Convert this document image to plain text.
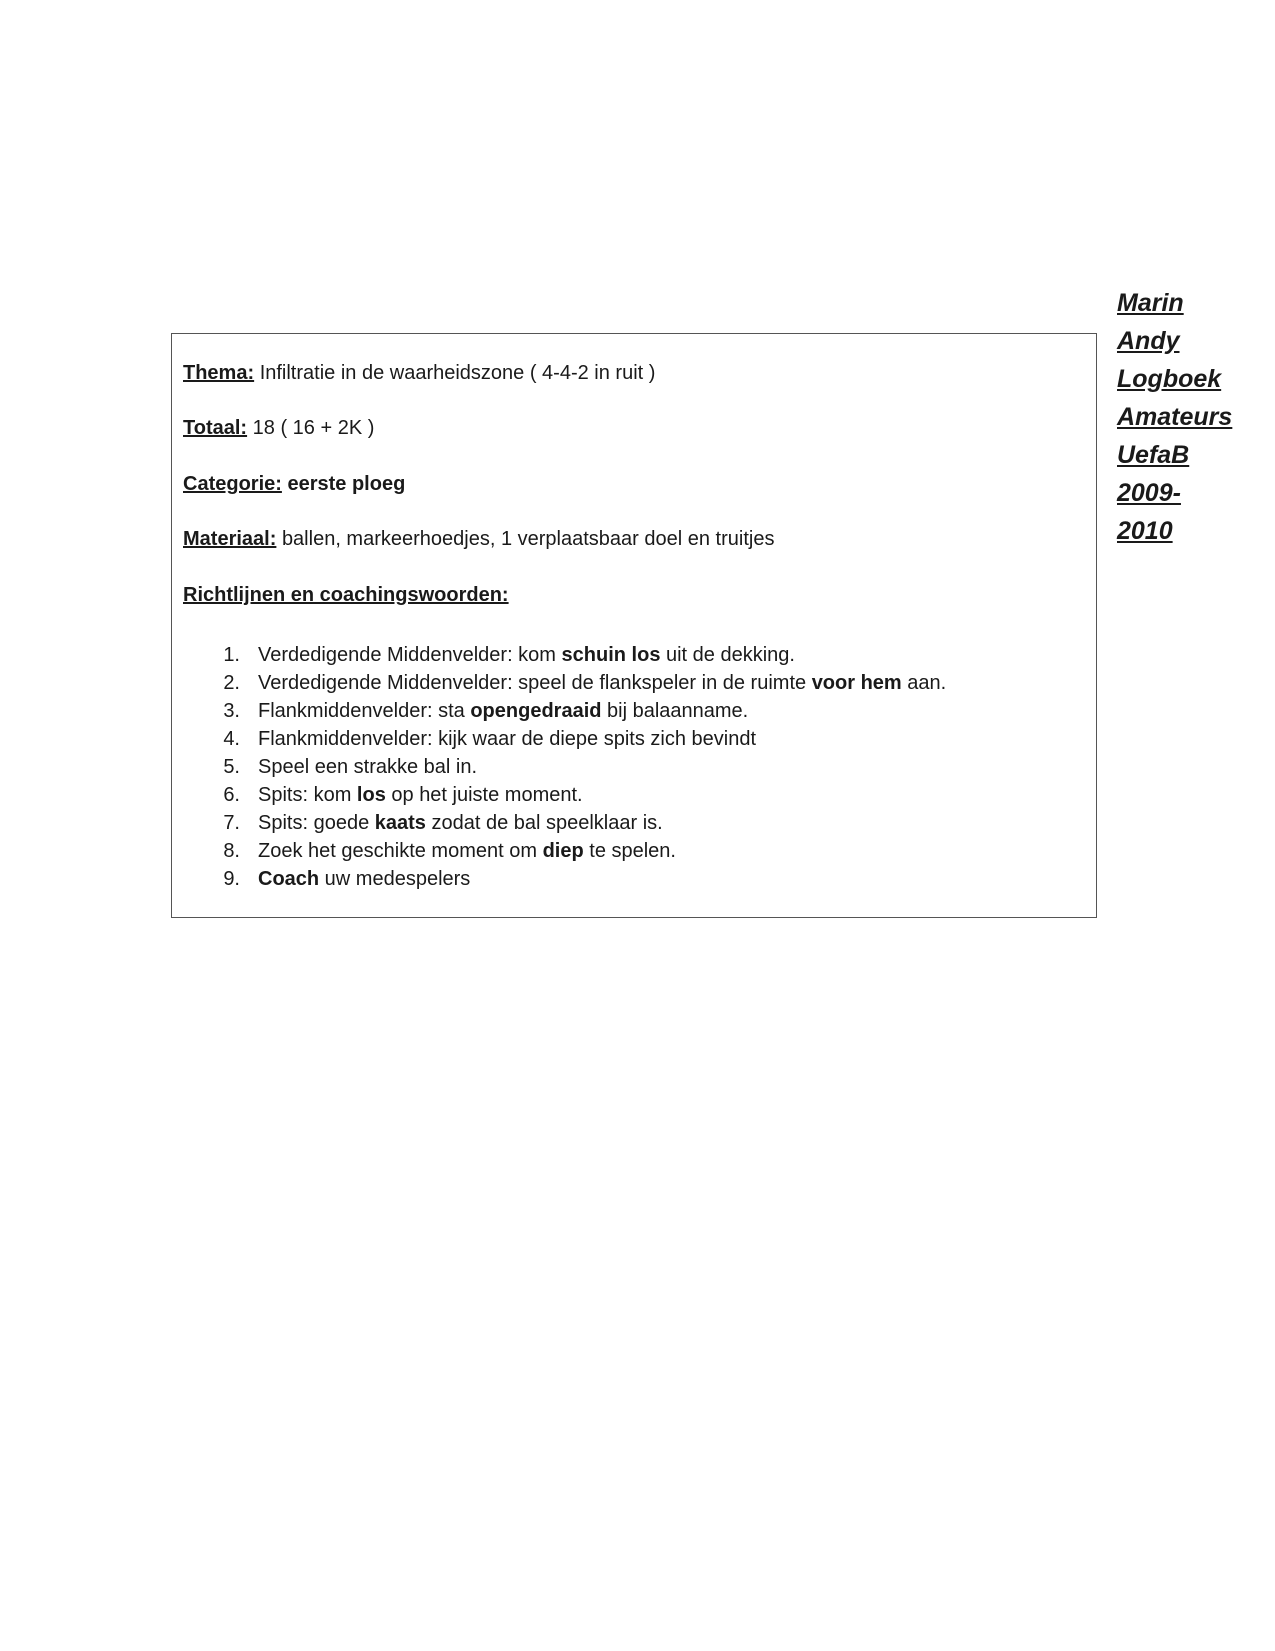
Thema: Infiltratie in de waarheidszone ( 4-4-2 in ruit )
Totaal: 18 ( 16 + 2K )
Categorie: eerste ploeg
Materiaal: ballen, markeerhoedjes, 1 verplaatsbaar doel en truitjes
Richtlijnen en coachingswoorden:
1. Verdedigende Middenvelder: kom schuin los uit de dekking.
2. Verdedigende Middenvelder: speel de flankspeler in de ruimte voor hem aan.
3. Flankmiddenvelder: sta opengedraaid bij balaanname.
4. Flankmiddenvelder: kijk waar de diepe spits zich bevindt
5. Speel een strakke bal in.
6. Spits: kom los op het juiste moment.
7. Spits: goede kaats zodat de bal speelklaar is.
8. Zoek het geschikte moment om diep te spelen.
9. Coach uw medespelers
Marin
Andy
Logboek
Amateurs
UefaB
2009-
2010
